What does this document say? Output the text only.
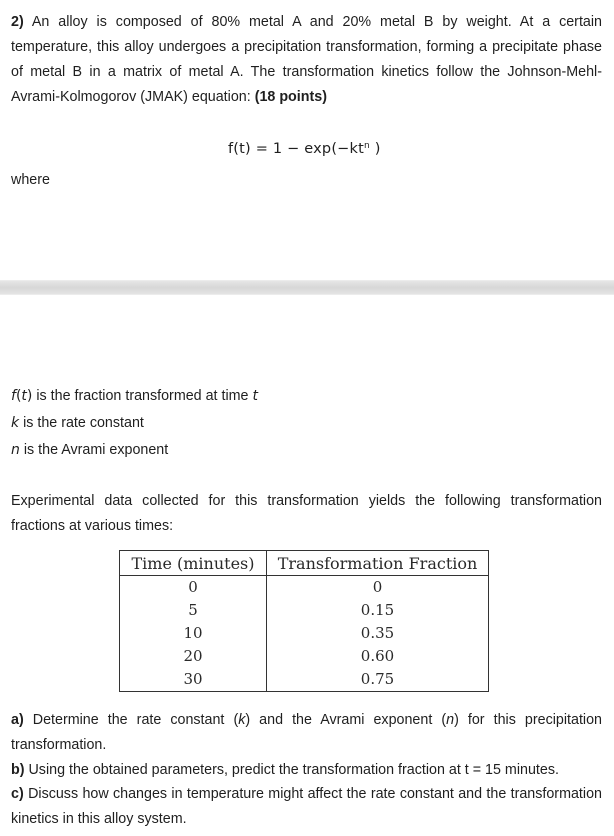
2) An alloy is composed of 80% metal A and 20% metal B by weight. At a certain temperature, this alloy undergoes a precipitation transformation, forming a precipitate phase of metal B in a matrix of metal A. The transformation kinetics follow the Johnson-Mehl-Avrami-Kolmogorov (JMAK) equation: (18 points)

$f(t) = 1 - \exp(-kt^n$ )
where
f(t) is the fraction transformed at time t
k is the rate constant
n is the Avrami exponent

Experimental data collected for this transformation yields the following transformation fractions at various times:

Time (minutes)	Transformation Fraction
0	0
5	0.15
10	0.35
20	0.60
30	0.75

a) Determine the rate constant (k) and the Avrami exponent (n) for this precipitation transformation.

b) Using the obtained parameters, predict the transformation fraction at t = 15 minutes.

c) Discuss how changes in temperature might affect the rate constant and the transformation kinetics in this alloy system.
